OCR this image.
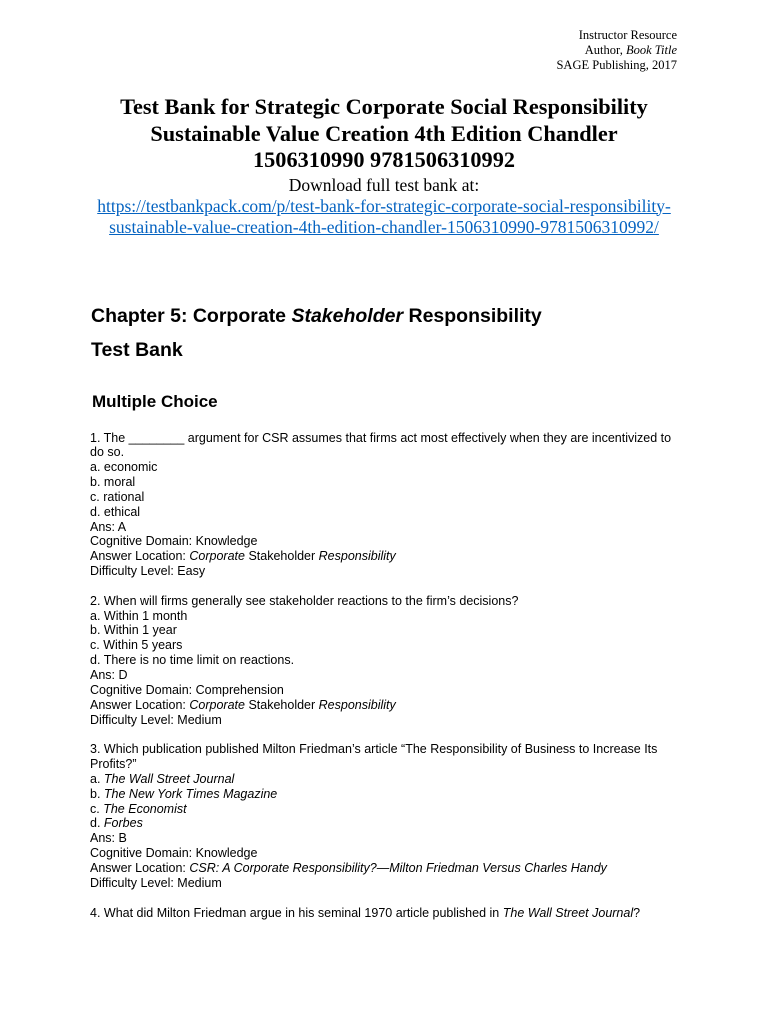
Instructor Resource
Author, Book Title
SAGE Publishing, 2017
Test Bank for Strategic Corporate Social Responsibility
Sustainable Value Creation 4th Edition Chandler
1506310990 9781506310992
Download full test bank at:
https://testbankpack.com/p/test-bank-for-strategic-corporate-social-responsibility-
sustainable-value-creation-4th-edition-chandler-1506310990-9781506310992/
Chapter 5: Corporate Stakeholder Responsibility
Test Bank
Multiple Choice
1. The ________ argument for CSR assumes that firms act most effectively when they are incentivized to do so.
a. economic
b. moral
c. rational
d. ethical
Ans: A
Cognitive Domain: Knowledge
Answer Location: Corporate Stakeholder Responsibility
Difficulty Level: Easy
2. When will firms generally see stakeholder reactions to the firm’s decisions?
a. Within 1 month
b. Within 1 year
c. Within 5 years
d. There is no time limit on reactions.
Ans: D
Cognitive Domain: Comprehension
Answer Location: Corporate Stakeholder Responsibility
Difficulty Level: Medium
3. Which publication published Milton Friedman’s article “The Responsibility of Business to Increase Its Profits?”
a. The Wall Street Journal
b. The New York Times Magazine
c. The Economist
d. Forbes
Ans: B
Cognitive Domain: Knowledge
Answer Location: CSR: A Corporate Responsibility?—Milton Friedman Versus Charles Handy
Difficulty Level: Medium
4. What did Milton Friedman argue in his seminal 1970 article published in The Wall Street Journal?
